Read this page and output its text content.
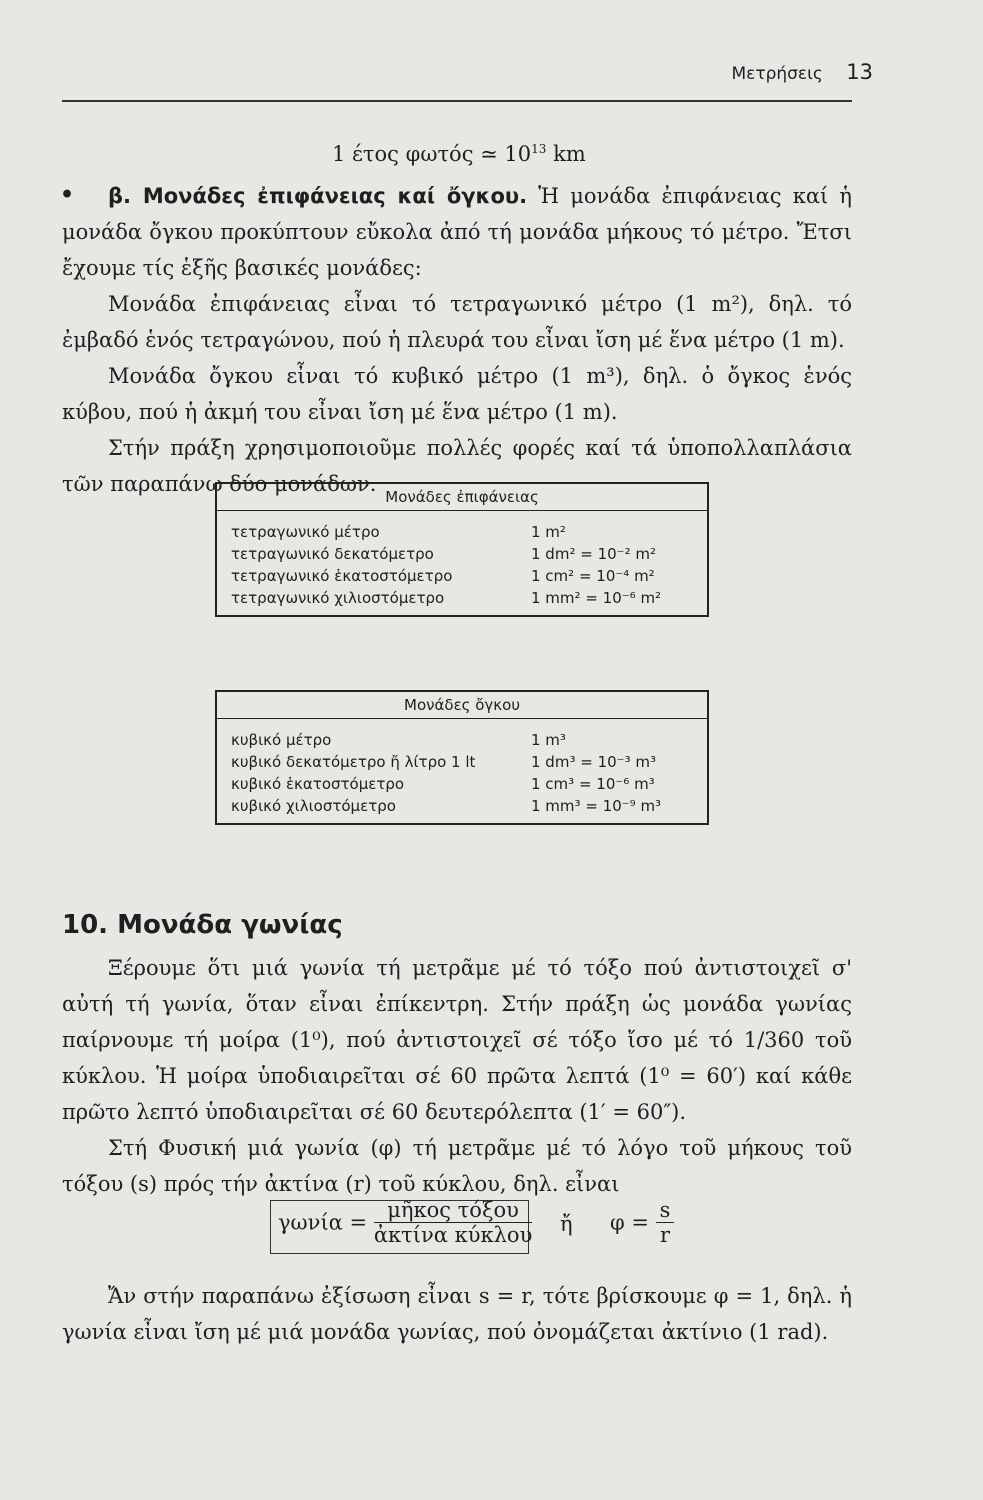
Μετρήσεις 13
1 έτος φωτός ≃ $10^{13}$ km
•	β. Μονάδες ἐπιφάνειας καί ὄγκου. Ἡ μονάδα ἐπιφάνειας καί ἡ μονάδα ὄγκου προκύπτουν εὔκολα ἀπό τή μονάδα μήκους τό μέτρο. Ἔτσι ἔχουμε τίς ἑξῆς βασικές μονάδες:

Μονάδα ἐπιφάνειας εἶναι τό τετραγωνικό μέτρο (1 m²), δηλ. τό ἐμβαδό ἑνός τετραγώνου, πού ἡ πλευρά του εἶναι ἴση μέ ἕνα μέτρο (1 m).

Μονάδα ὄγκου εἶναι τό κυβικό μέτρο (1 m³), δηλ. ὁ ὄγκος ἑνός κύβου, πού ἡ ἀκμή του εἶναι ἴση μέ ἕνα μέτρο (1 m).

Στήν πράξη χρησιμοποιοῦμε πολλές φορές καί τά ὑποπολλαπλάσια τῶν παραπάνω δύο μονάδων.

Μονάδες ἐπιφάνειας
τετραγωνικό μέτρο	1 m²
τετραγωνικό δεκατόμετρο	1 dm² = 10⁻² m²
τετραγωνικό ἑκατοστόμετρο	1 cm² = 10⁻⁴ m²
τετραγωνικό χιλιοστόμετρο	1 mm² = 10⁻⁶ m²
Μονάδες ὄγκου
κυβικό μέτρο	1 m³
κυβικό δεκατόμετρο ἤ λίτρο 1 lt	1 dm³ = 10⁻³ m³
κυβικό ἑκατοστόμετρο	1 cm³ = 10⁻⁶ m³
κυβικό χιλιοστόμετρο	1 mm³ = 10⁻⁹ m³
10. Μονάδα γωνίας

Ξέρουμε ὅτι μιά γωνία τή μετρᾶμε μέ τό τόξο πού ἀντιστοιχεῖ σ' αὐτή τή γωνία, ὅταν εἶναι ἐπίκεντρη. Στήν πράξη ὡς μονάδα γωνίας παίρνουμε τή μοίρα (1⁰), πού ἀντιστοιχεῖ σέ τόξο ἴσο μέ τό 1/360 τοῦ κύκλου. Ἡ μοίρα ὑποδιαιρεῖται σέ 60 πρῶτα λεπτά (1⁰ = 60′) καί κάθε πρῶτο λεπτό ὑποδιαιρεῖται σέ 60 δευτερόλεπτα (1′ = 60″).

Στή Φυσική μιά γωνία (φ) τή μετρᾶμε μέ τό λόγο τοῦ μήκους τοῦ τόξου (s) πρός τήν ἀκτίνα (r) τοῦ κύκλου, δηλ. εἶναι

γωνία =
μῆκος τόξου
ἀκτίνα κύκλου ἤ $\varphi = \frac{s}{r}$

Ἄν στήν παραπάνω ἐξίσωση εἶναι s = r, τότε βρίσκουμε φ = 1, δηλ. ἡ γωνία εἶναι ἴση μέ μιά μονάδα γωνίας, πού ὀνομάζεται ἀκτίνιο (1 rad).
